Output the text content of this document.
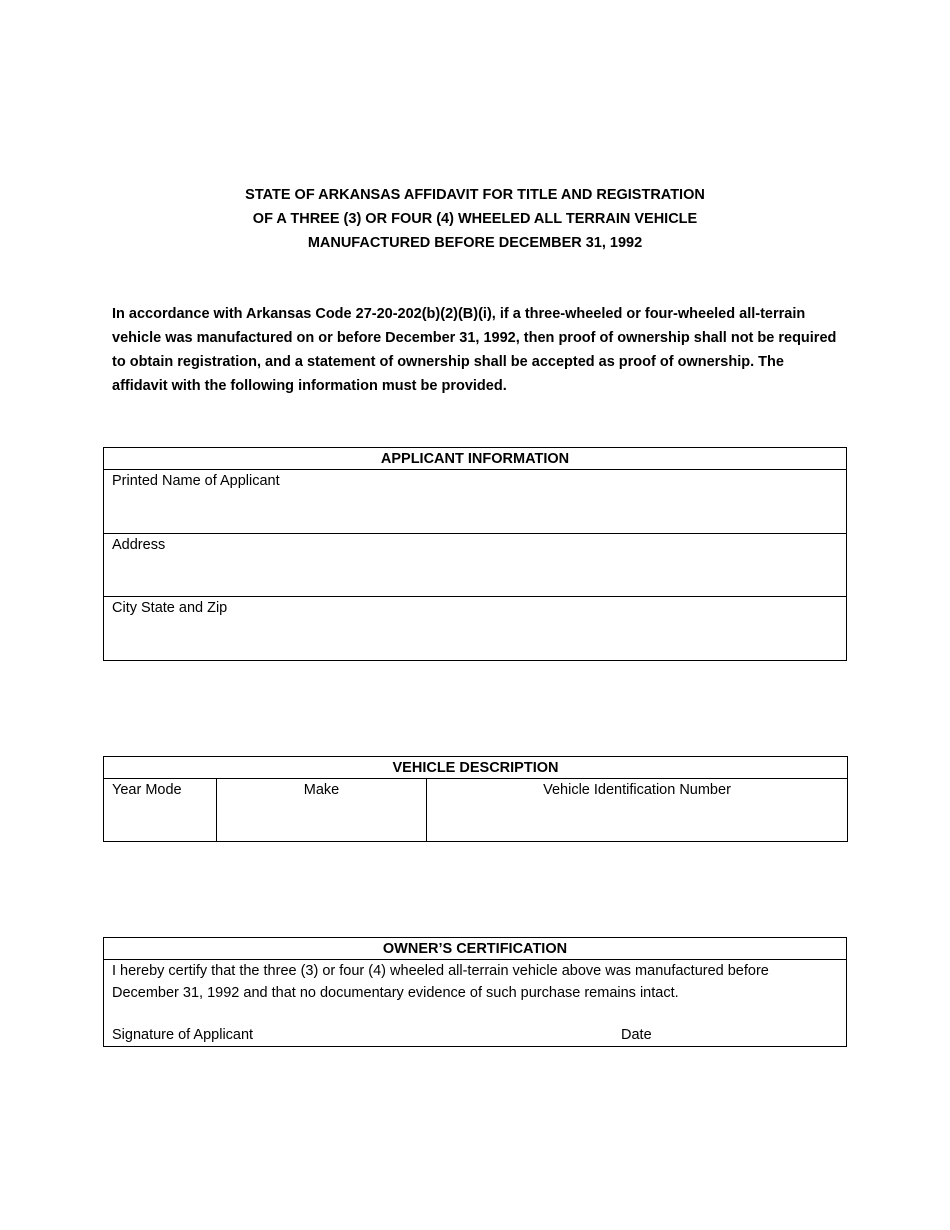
STATE OF ARKANSAS AFFIDAVIT FOR TITLE AND REGISTRATION
OF A THREE (3) OR FOUR (4) WHEELED ALL TERRAIN VEHICLE
MANUFACTURED BEFORE DECEMBER 31, 1992
In accordance with Arkansas Code 27-20-202(b)(2)(B)(i), if a three-wheeled or four-wheeled all-terrain vehicle was manufactured on or before December 31, 1992, then proof of ownership shall not be required to obtain registration, and a statement of ownership shall be accepted as proof of ownership. The affidavit with the following information must be provided.
APPLICANT INFORMATION
Printed Name of Applicant
Address
City State and Zip
VEHICLE DESCRIPTION
Year Mode	Make	Vehicle Identification Number
OWNER’S CERTIFICATION

I hereby certify that the three (3) or four (4) wheeled all-terrain vehicle above was manufactured before December 31, 1992 and that no documentary evidence of such purchase remains intact.
Signature of Applicant	Date
